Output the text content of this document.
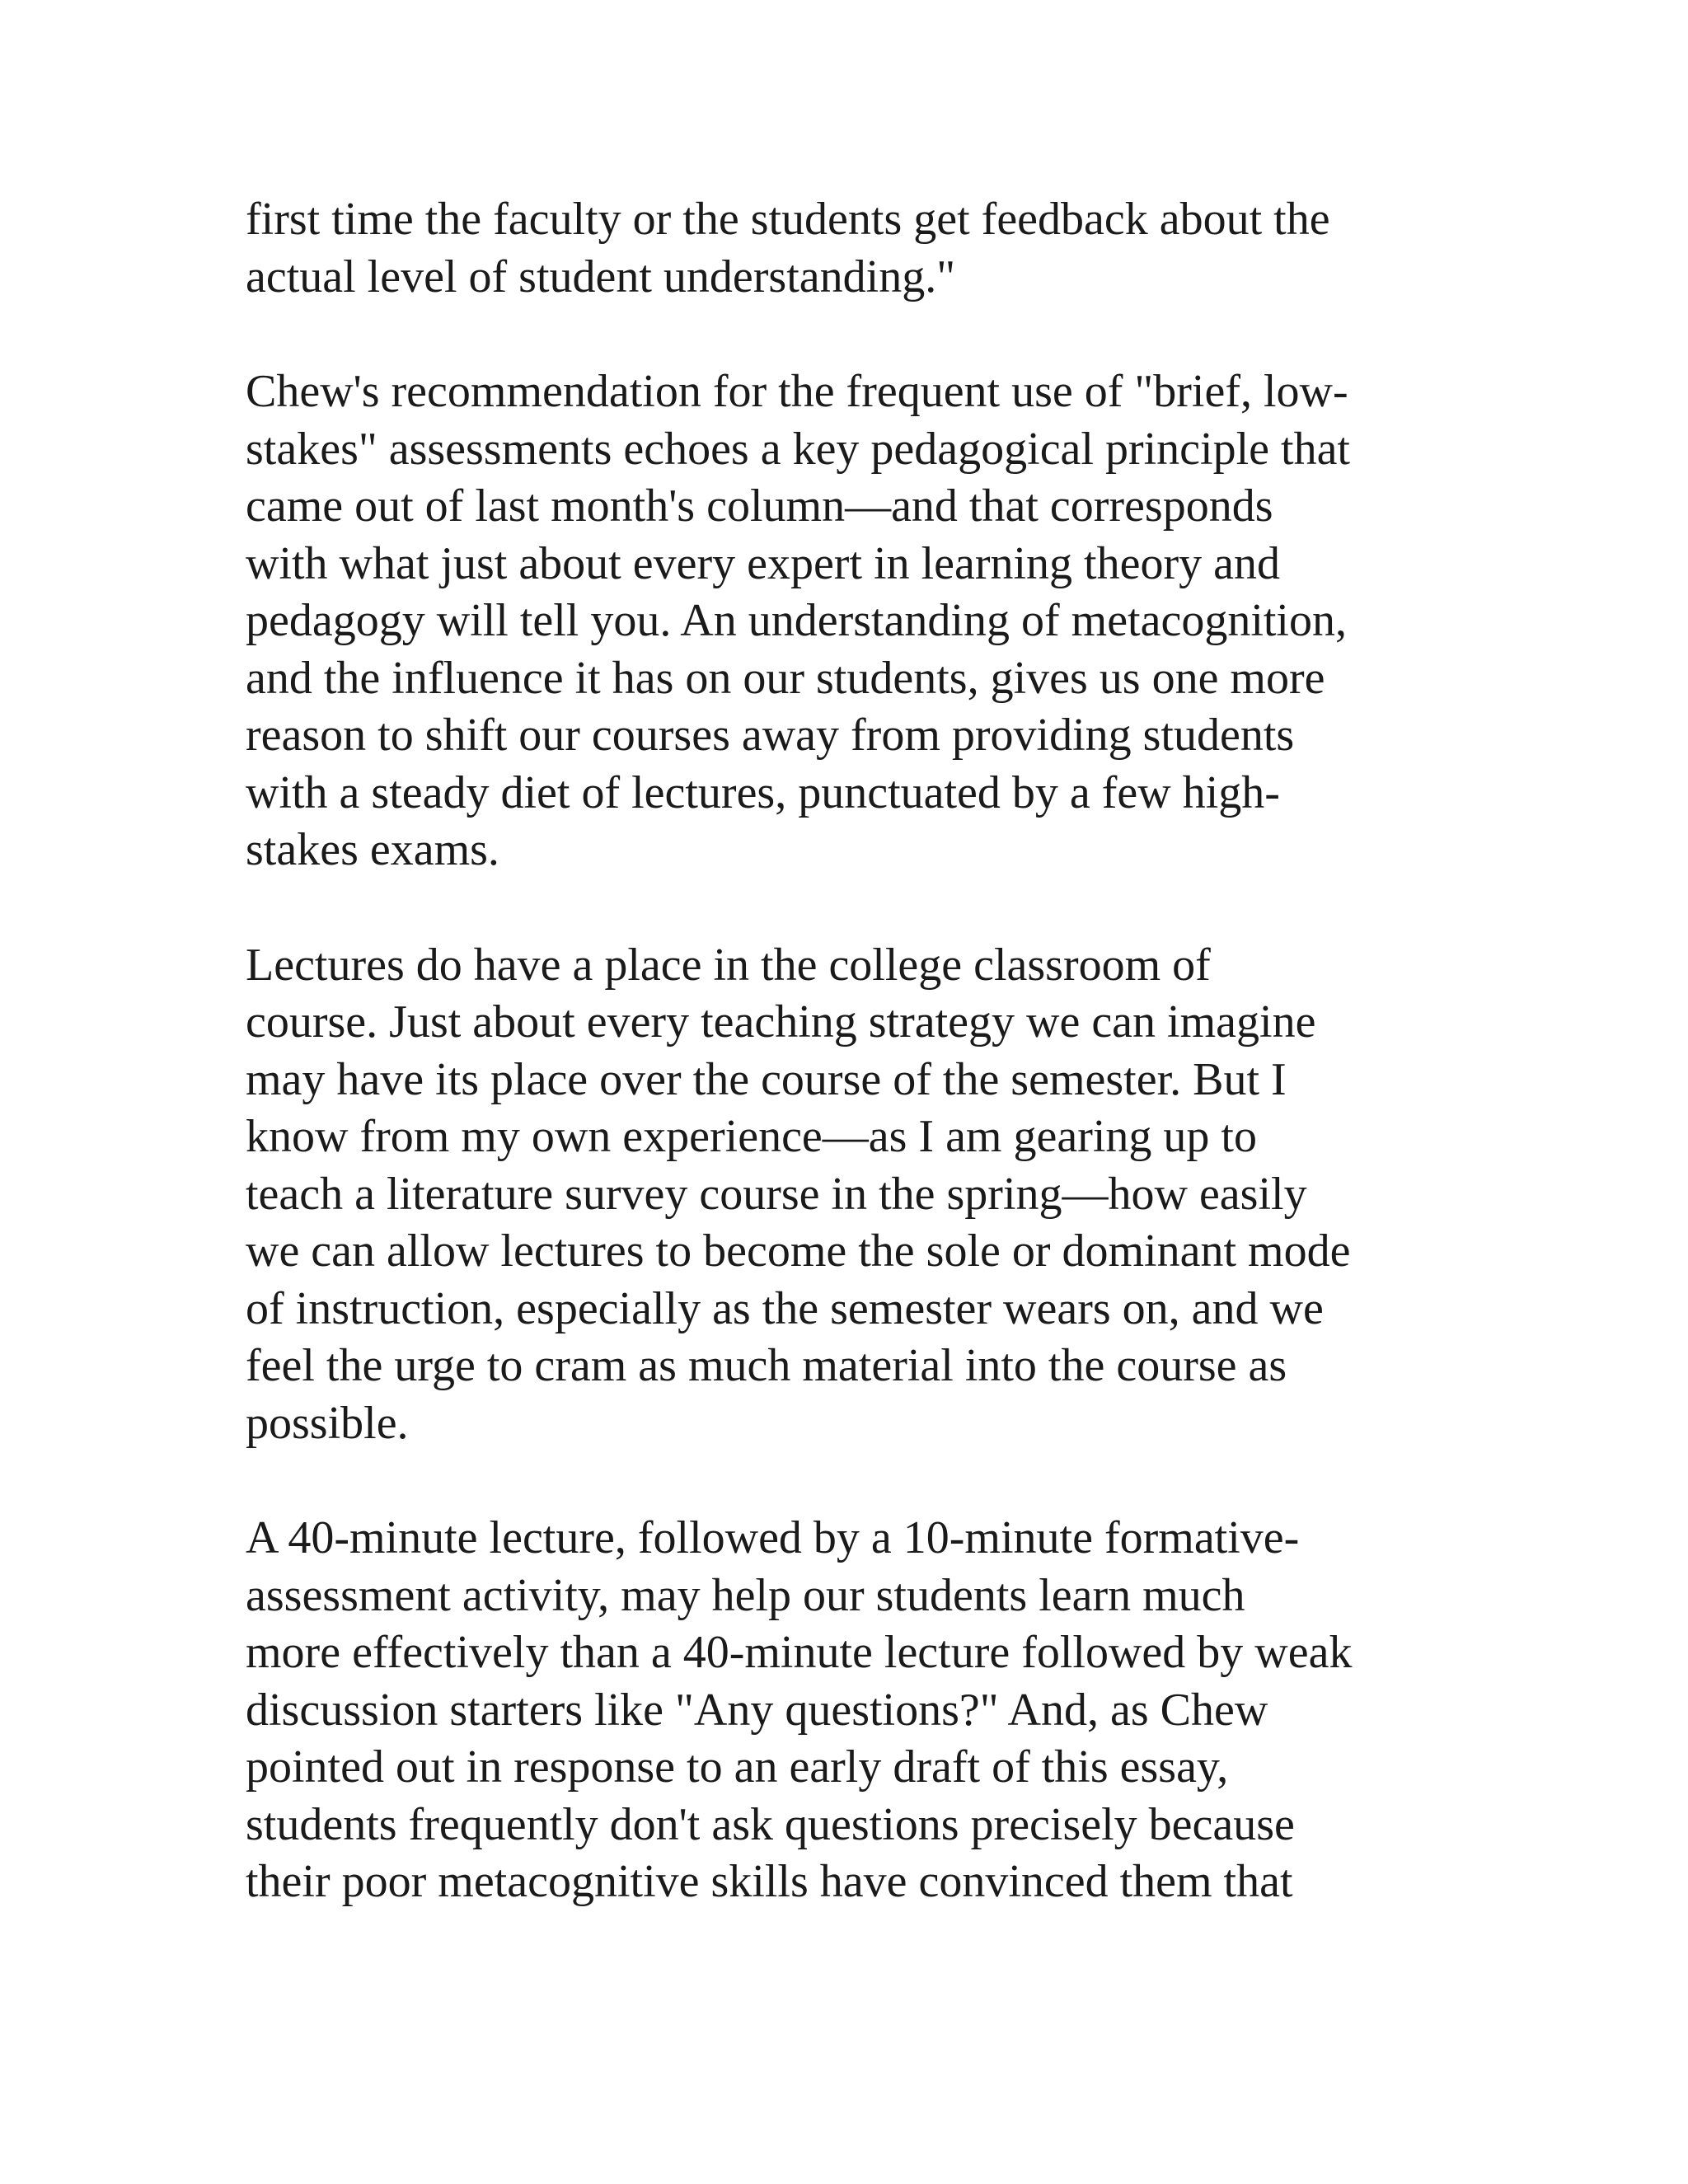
first time the faculty or the students get feedback about the
actual level of student understanding."

Chew's recommendation for the frequent use of "brief, low-
stakes" assessments echoes a key pedagogical principle that
came out of last month's column—and that corresponds
with what just about every expert in learning theory and
pedagogy will tell you. An understanding of metacognition,
and the influence it has on our students, gives us one more
reason to shift our courses away from providing students
with a steady diet of lectures, punctuated by a few high-
stakes exams.

Lectures do have a place in the college classroom of
course. Just about every teaching strategy we can imagine
may have its place over the course of the semester. But I
know from my own experience—as I am gearing up to
teach a literature survey course in the spring—how easily
we can allow lectures to become the sole or dominant mode
of instruction, especially as the semester wears on, and we
feel the urge to cram as much material into the course as
possible.

A 40-minute lecture, followed by a 10-minute formative-
assessment activity, may help our students learn much
more effectively than a 40-minute lecture followed by weak
discussion starters like "Any questions?" And, as Chew
pointed out in response to an early draft of this essay,
students frequently don't ask questions precisely because
their poor metacognitive skills have convinced them that
